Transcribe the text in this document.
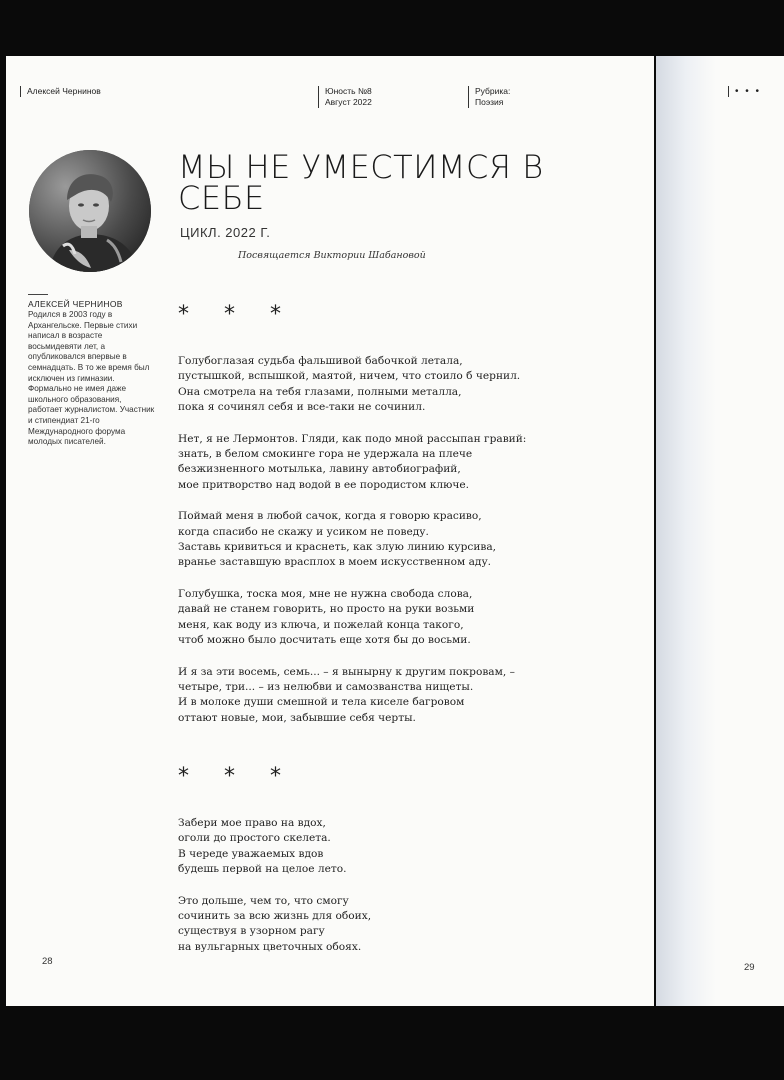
Алексей Чернинов	Юность №8
Август 2022
Рубрика:
Поэзия
МЫ НЕ УМЕСТИМСЯ В СЕБЕ
ЦИКЛ. 2022 Г.
Посвящается Виктории Шабановой
АЛЕКСЕЙ ЧЕРНИНОВ
Родился в 2003 году в Архангельске. Первые стихи написал в возрасте восьмидевяти лет, а опубликовался впервые в семнадцать. В то же время был исключен из гимназии. Формально не имея даже школьного образования, работает журналистом. Участник и стипендиат 21-го Международного форума молодых писателей.
* * *
Голубоглазая судьба фальшивой бабочкой летала,
пустышкой, вспышкой, маятой, ничем, что стоило б чернил.
Она смотрела на тебя глазами, полными металла,
пока я сочинял себя и все-таки не сочинил.
Нет, я не Лермонтов. Гляди, как подо мной рассыпан гравий:
знать, в белом смокинге гора не удержала на плече
безжизненного мотылька, лавину автобиографий,
мое притворство над водой в ее породистом ключе.
Поймай меня в любой сачок, когда я говорю красиво,
когда спасибо не скажу и усиком не поведу.
Заставь кривиться и краснеть, как злую линию курсива,
вранье заставшую врасплох в моем искусственном аду.
Голубушка, тоска моя, мне не нужна свобода слова,
давай не станем говорить, но просто на руки возьми
меня, как воду из ключа, и пожелай конца такого,
чтоб можно было досчитать еще хотя бы до восьми.
И я за эти восемь, семь... – я вынырну к другим покровам, –
четыре, три... – из нелюбви и самозванства нищеты.
И в молоке души смешной и тела киселе багровом
оттают новые, мои, забывшие себя черты.
* * *
Забери мое право на вдох,
оголи до простого скелета.
В череде уважаемых вдов
будешь первой на целое лето.
Это дольше, чем то, что смогу
сочинить за всю жизнь для обоих,
существуя в узорном рагу
на вульгарных цветочных обоях.
28
• • •
29
